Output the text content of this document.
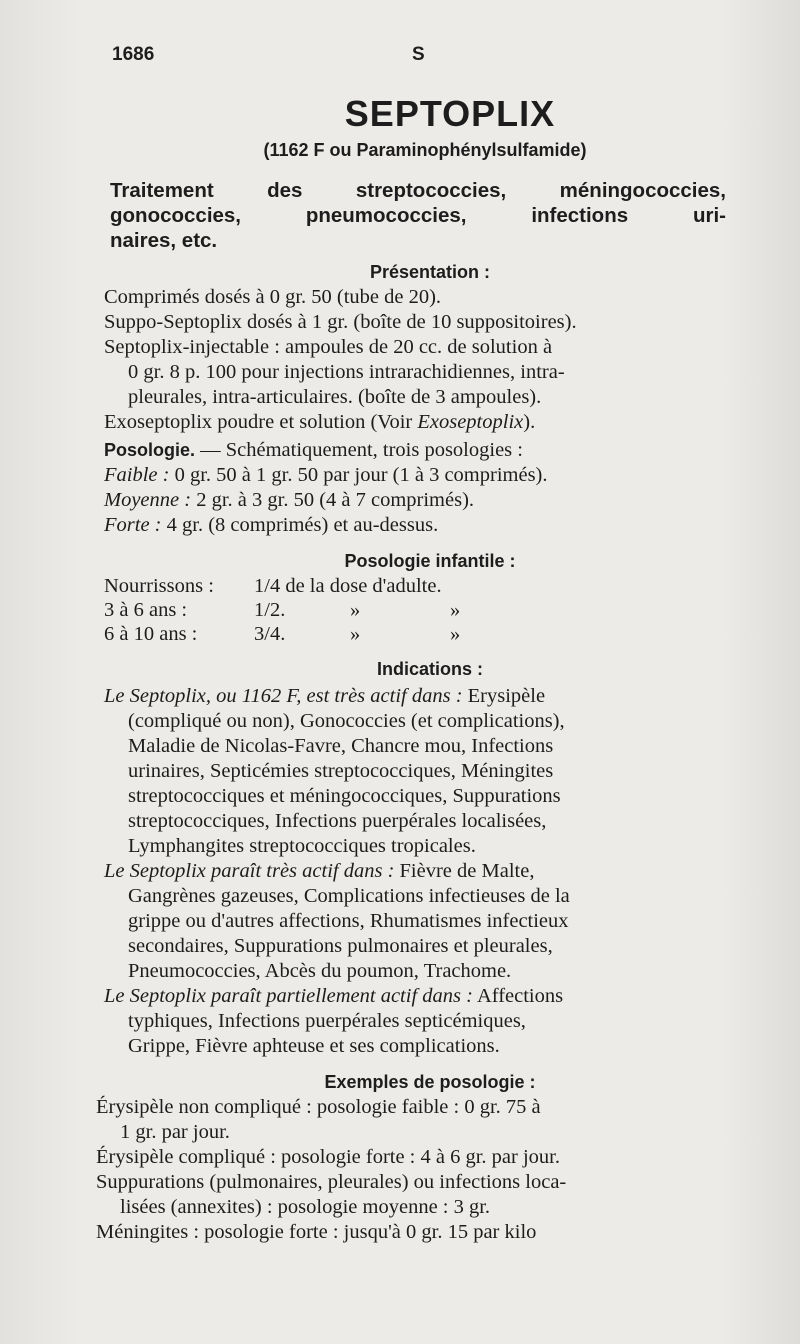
1686	S
SEPTOPLIX
(1162 F ou Paraminophénylsulfamide)
Traitement des streptococcies, méningococcies,
gonococcies, pneumococcies, infections uri-
naires, etc.
Présentation :

Comprimés dosés à 0 gr. 50 (tube de 20).

Suppo-Septoplix dosés à 1 gr. (boîte de 10 suppositoires).

Septoplix-injectable : ampoules de 20 cc. de solution à

0 gr. 8 p. 100 pour injections intrarachidiennes, intra-

pleurales, intra-articulaires. (boîte de 3 ampoules).

Exoseptoplix poudre et solution (Voir Exoseptoplix).

Posologie. — Schématiquement, trois posologies :

Faible : 0 gr. 50 à 1 gr. 50 par jour (1 à 3 comprimés).

Moyenne : 2 gr. à 3 gr. 50 (4 à 7 comprimés).

Forte : 4 gr. (8 comprimés) et au-dessus.

Posologie infantile :
Nourrissons : 1/4 de la dose d'adulte.
3 à 6 ans :	1/2.	»	»
6 à 10 ans :	3/4.	»	»
Indications :

Le Septoplix, ou 1162 F, est très actif dans : Erysipèle

(compliqué ou non), Gonococcies (et complications),

Maladie de Nicolas-Favre, Chancre mou, Infections

urinaires, Septicémies streptococciques, Méningites

streptococciques et méningococciques, Suppurations

streptococciques, Infections puerpérales localisées,

Lymphangites streptococciques tropicales.

Le Septoplix paraît très actif dans : Fièvre de Malte,

Gangrènes gazeuses, Complications infectieuses de la

grippe ou d'autres affections, Rhumatismes infectieux

secondaires, Suppurations pulmonaires et pleurales,

Pneumococcies, Abcès du poumon, Trachome.

Le Septoplix paraît partiellement actif dans : Affections

typhiques, Infections puerpérales septicémiques,

Grippe, Fièvre aphteuse et ses complications.

Exemples de posologie :

Érysipèle non compliqué : posologie faible : 0 gr. 75 à

1 gr. par jour.

Érysipèle compliqué : posologie forte : 4 à 6 gr. par jour.

Suppurations (pulmonaires, pleurales) ou infections loca-

lisées (annexites) : posologie moyenne : 3 gr.

Méningites : posologie forte : jusqu'à 0 gr. 15 par kilo
